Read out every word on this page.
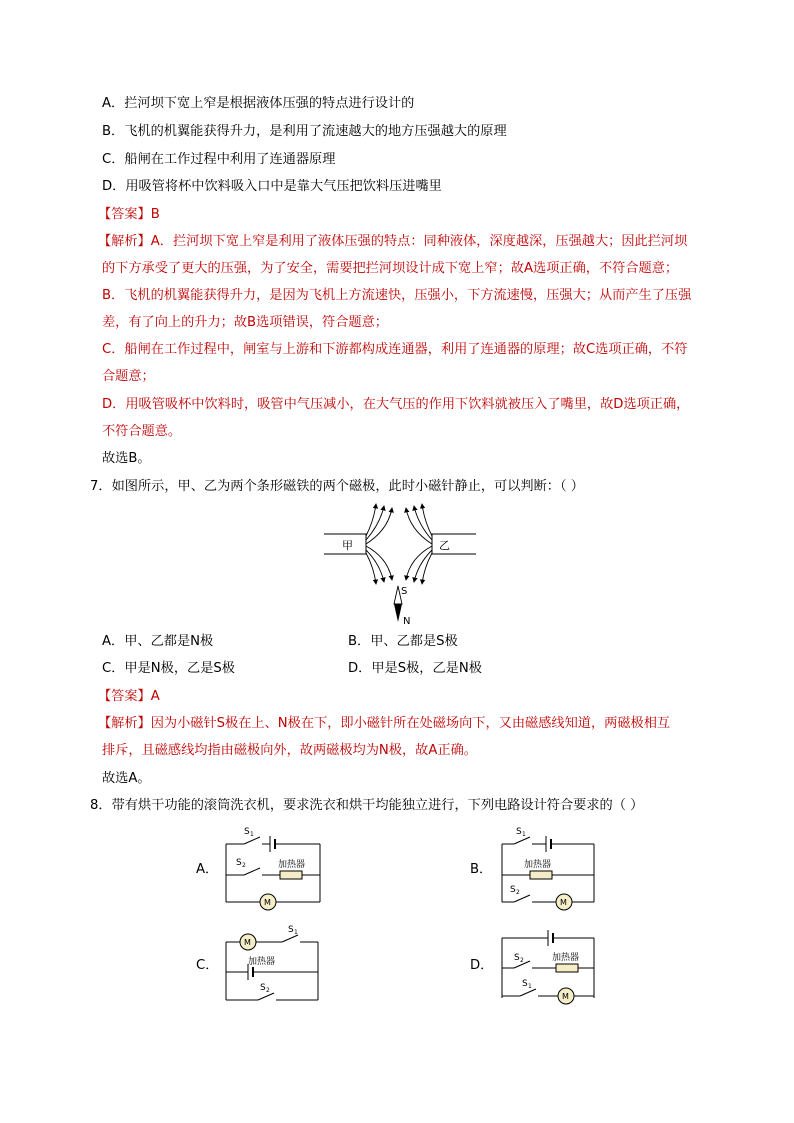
A．拦河坝下宽上窄是根据液体压强的特点进行设计的
B．飞机的机翼能获得升力，是利用了流速越大的地方压强越大的原理
C．船闸在工作过程中利用了连通器原理
D．用吸管将杯中饮料吸入口中是靠大气压把饮料压进嘴里
【答案】B
【解析】A．拦河坝下宽上窄是利用了液体压强的特点：同种液体，深度越深，压强越大；因此拦河坝
的下方承受了更大的压强，为了安全，需要把拦河坝设计成下宽上窄；故A选项正确，不符合题意；
B．飞机的机翼能获得升力，是因为飞机上方流速快，压强小，下方流速慢，压强大；从而产生了压强
差，有了向上的升力；故B选项错误，符合题意；
C．船闸在工作过程中，闸室与上游和下游都构成连通器，利用了连通器的原理；故C选项正确，不符
合题意；
D．用吸管吸杯中饮料时，吸管中气压减小，在大气压的作用下饮料就被压入了嘴里，故D选项正确，
不符合题意。
故选B。
7．如图所示，甲、乙为两个条形磁铁的两个磁极，此时小磁针静止，可以判断：（ ）
甲	乙
S
N
A．甲、乙都是N极	B．甲、乙都是S极
C．甲是N极，乙是S极	D．甲是S极，乙是N极
【答案】A
【解析】因为小磁针S极在上、N极在下，即小磁针所在处磁场向下，又由磁感线知道，两磁极相互
排斥，且磁感线均指由磁极向外，故两磁极均为N极，故A正确。
故选A。
8．带有烘干功能的滚筒洗衣机，要求洗衣和烘干均能独立进行，下列电路设计符合要求的（ ）
A．
S 1
S 2	加热器
M
B．
S 1
加热器
S 2
M
C．
M
S 1
加热器
S 2
D． S 2	加热器
S 1
M
